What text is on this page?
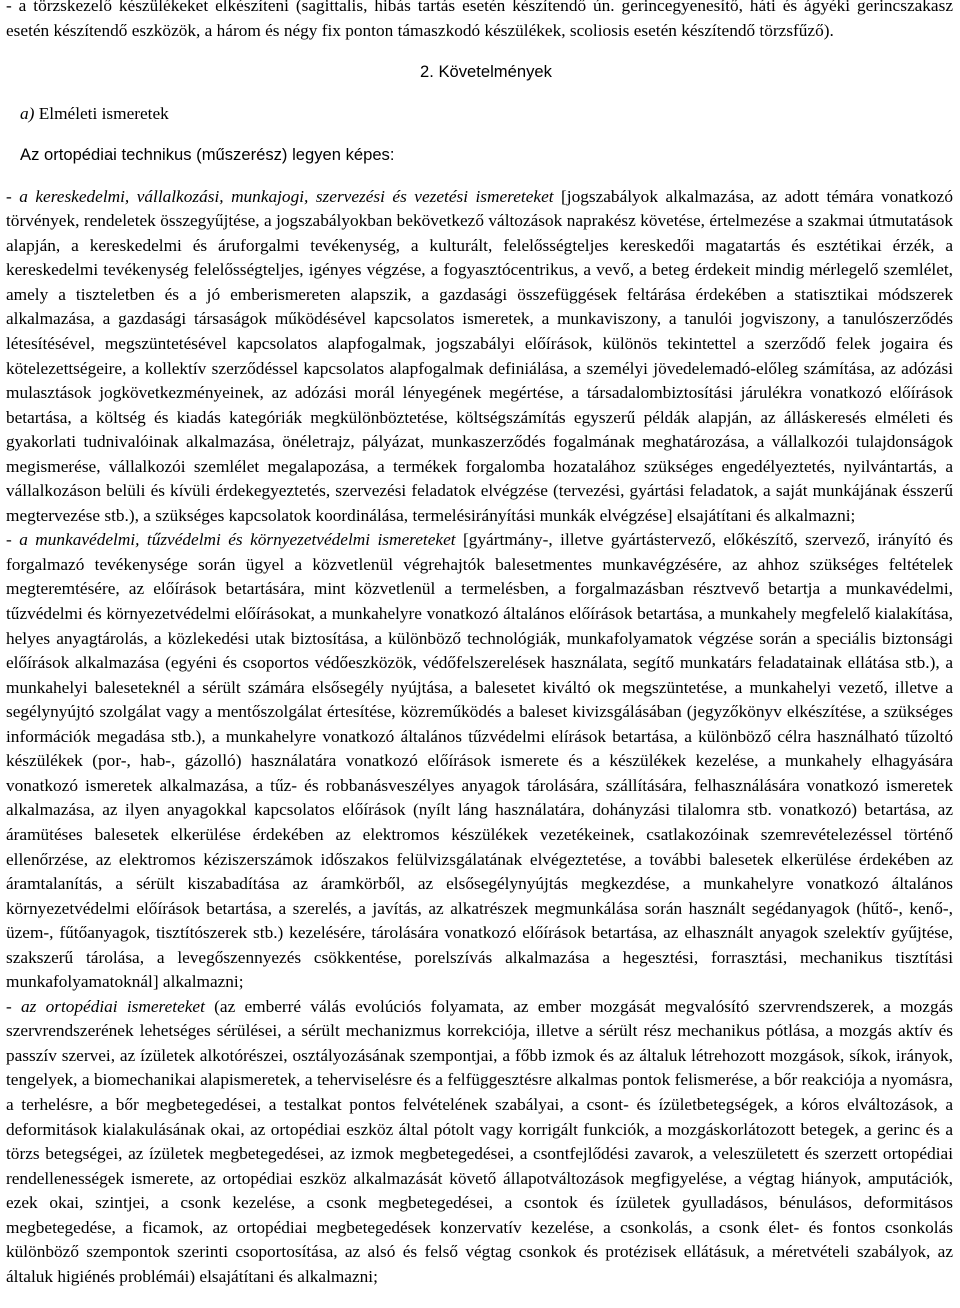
- a törzskezelő készülékeket elkészíteni (sagittalis, hibás tartás esetén készítendő ún. gerincegyenesítő, háti és ágyéki gerincszakasz esetén készítendő eszközök, a három és négy fix ponton támaszkodó készülékek, scoliosis esetén készítendő törzsfűző).

2. Követelmények

a) Elméleti ismeretek

Az ortopédiai technikus (műszerész) legyen képes:

- a kereskedelmi, vállalkozási, munkajogi, szervezési és vezetési ismereteket [jogszabályok alkalmazása, az adott témára vonatkozó törvények, rendeletek összegyűjtése, a jogszabályokban bekövetkező változások naprakész követése, értelmezése a szakmai útmutatások alapján, a kereskedelmi és áruforgalmi tevékenység, a kulturált, felelősségteljes kereskedői magatartás és esztétikai érzék, a kereskedelmi tevékenység felelősségteljes, igényes végzése, a fogyasztócentrikus, a vevő, a beteg érdekeit mindig mérlegelő szemlélet, amely a tiszteletben és a jó emberismereten alapszik, a gazdasági összefüggések feltárása érdekében a statisztikai módszerek alkalmazása, a gazdasági társaságok működésével kapcsolatos ismeretek, a munkaviszony, a tanulói jogviszony, a tanulószerződés létesítésével, megszüntetésével kapcsolatos alapfogalmak, jogszabályi előírások, különös tekintettel a szerződő felek jogaira és kötelezettségeire, a kollektív szerződéssel kapcsolatos alapfogalmak definiálása, a személyi jövedelemadó-előleg számítása, az adózási mulasztások jogkövetkezményeinek, az adózási morál lényegének megértése, a társadalombiztosítási járulékra vonatkozó előírások betartása, a költség és kiadás kategóriák megkülönböztetése, költségszámítás egyszerű példák alapján, az álláskeresés elméleti és gyakorlati tudnivalóinak alkalmazása, önéletrajz, pályázat, munkaszerződés fogalmának meghatározása, a vállalkozói tulajdonságok megismerése, vállalkozói szemlélet megalapozása, a termékek forgalomba hozatalához szükséges engedélyeztetés, nyilvántartás, a vállalkozáson belüli és kívüli érdekegyeztetés, szervezési feladatok elvégzése (tervezési, gyártási feladatok, a saját munkájának ésszerű megtervezése stb.), a szükséges kapcsolatok koordinálása, termelésirányítási munkák elvégzése] elsajátítani és alkalmazni;

- a munkavédelmi, tűzvédelmi és környezetvédelmi ismereteket [gyártmány-, illetve gyártástervező, előkészítő, szervező, irányító és forgalmazó tevékenysége során ügyel a közvetlenül végrehajtók balesetmentes munkavégzésére, az ahhoz szükséges feltételek megteremtésére, az előírások betartására, mint közvetlenül a termelésben, a forgalmazásban résztvevő betartja a munkavédelmi, tűzvédelmi és környezetvédelmi előírásokat, a munkahelyre vonatkozó általános előírások betartása, a munkahely megfelelő kialakítása, helyes anyagtárolás, a közlekedési utak biztosítása, a különböző technológiák, munkafolyamatok végzése során a speciális biztonsági előírások alkalmazása (egyéni és csoportos védőeszközök, védőfelszerelések használata, segítő munkatárs feladatainak ellátása stb.), a munkahelyi baleseteknél a sérült számára elsősegély nyújtása, a balesetet kiváltó ok megszüntetése, a munkahelyi vezető, illetve a segélynyújtó szolgálat vagy a mentőszolgálat értesítése, közreműködés a baleset kivizsgálásában (jegyzőkönyv elkészítése, a szükséges információk megadása stb.), a munkahelyre vonatkozó általános tűzvédelmi elírások betartása, a különböző célra használható tűzoltó készülékek (por-, hab-, gázolló) használatára vonatkozó előírások ismerete és a készülékek kezelése, a munkahely elhagyására vonatkozó ismeretek alkalmazása, a tűz- és robbanásveszélyes anyagok tárolására, szállítására, felhasználására vonatkozó ismeretek alkalmazása, az ilyen anyagokkal kapcsolatos előírások (nyílt láng használatára, dohányzási tilalomra stb. vonatkozó) betartása, az áramütéses balesetek elkerülése érdekében az elektromos készülékek vezetékeinek, csatlakozóinak szemrevételezéssel történő ellenőrzése, az elektromos kéziszerszámok időszakos felülvizsgálatának elvégeztetése, a további balesetek elkerülése érdekében az áramtalanítás, a sérült kiszabadítása az áramkörből, az elsősegélynyújtás megkezdése, a munkahelyre vonatkozó általános környezetvédelmi előírások betartása, a szerelés, a javítás, az alkatrészek megmunkálása során használt segédanyagok (hűtő-, kenő-, üzem-, fűtőanyagok, tisztítószerek stb.) kezelésére, tárolására vonatkozó előírások betartása, az elhasznált anyagok szelektív gyűjtése, szakszerű tárolása, a levegőszennyezés csökkentése, porelszívás alkalmazása a hegesztési, forrasztási, mechanikus tisztítási munkafolyamatoknál] alkalmazni;

- az ortopédiai ismereteket (az emberré válás evolúciós folyamata, az ember mozgását megvalósító szervrendszerek, a mozgás szervrendszerének lehetséges sérülései, a sérült mechanizmus korrekciója, illetve a sérült rész mechanikus pótlása, a mozgás aktív és passzív szervei, az ízületek alkotórészei, osztályozásának szempontjai, a főbb izmok és az általuk létrehozott mozgások, síkok, irányok, tengelyek, a biomechanikai alapismeretek, a teherviselésre és a felfüggesztésre alkalmas pontok felismerése, a bőr reakciója a nyomásra, a terhelésre, a bőr megbetegedései, a testalkat pontos felvételének szabályai, a csont- és ízületbetegségek, a kóros elváltozások, a deformitások kialakulásának okai, az ortopédiai eszköz által pótolt vagy korrigált funkciók, a mozgáskorlátozott betegek, a gerinc és a törzs betegségei, az ízületek megbetegedései, az izmok megbetegedései, a csontfejlődési zavarok, a veleszületett és szerzett ortopédiai rendellenességek ismerete, az ortopédiai eszköz alkalmazását követő állapotváltozások megfigyelése, a végtag hiányok, amputációk, ezek okai, szintjei, a csonk kezelése, a csonk megbetegedései, a csontok és ízületek gyulladásos, bénulásos, deformitásos megbetegedése, a ficamok, az ortopédiai megbetegedések konzervatív kezelése, a csonkolás, a csonk élet- és fontos csonkolás különböző szempontok szerinti csoportosítása, az alsó és felső végtag csonkok és protézisek ellátásuk, a méretvételi szabályok, az általuk higiénés problémái) elsajátítani és alkalmazni;
